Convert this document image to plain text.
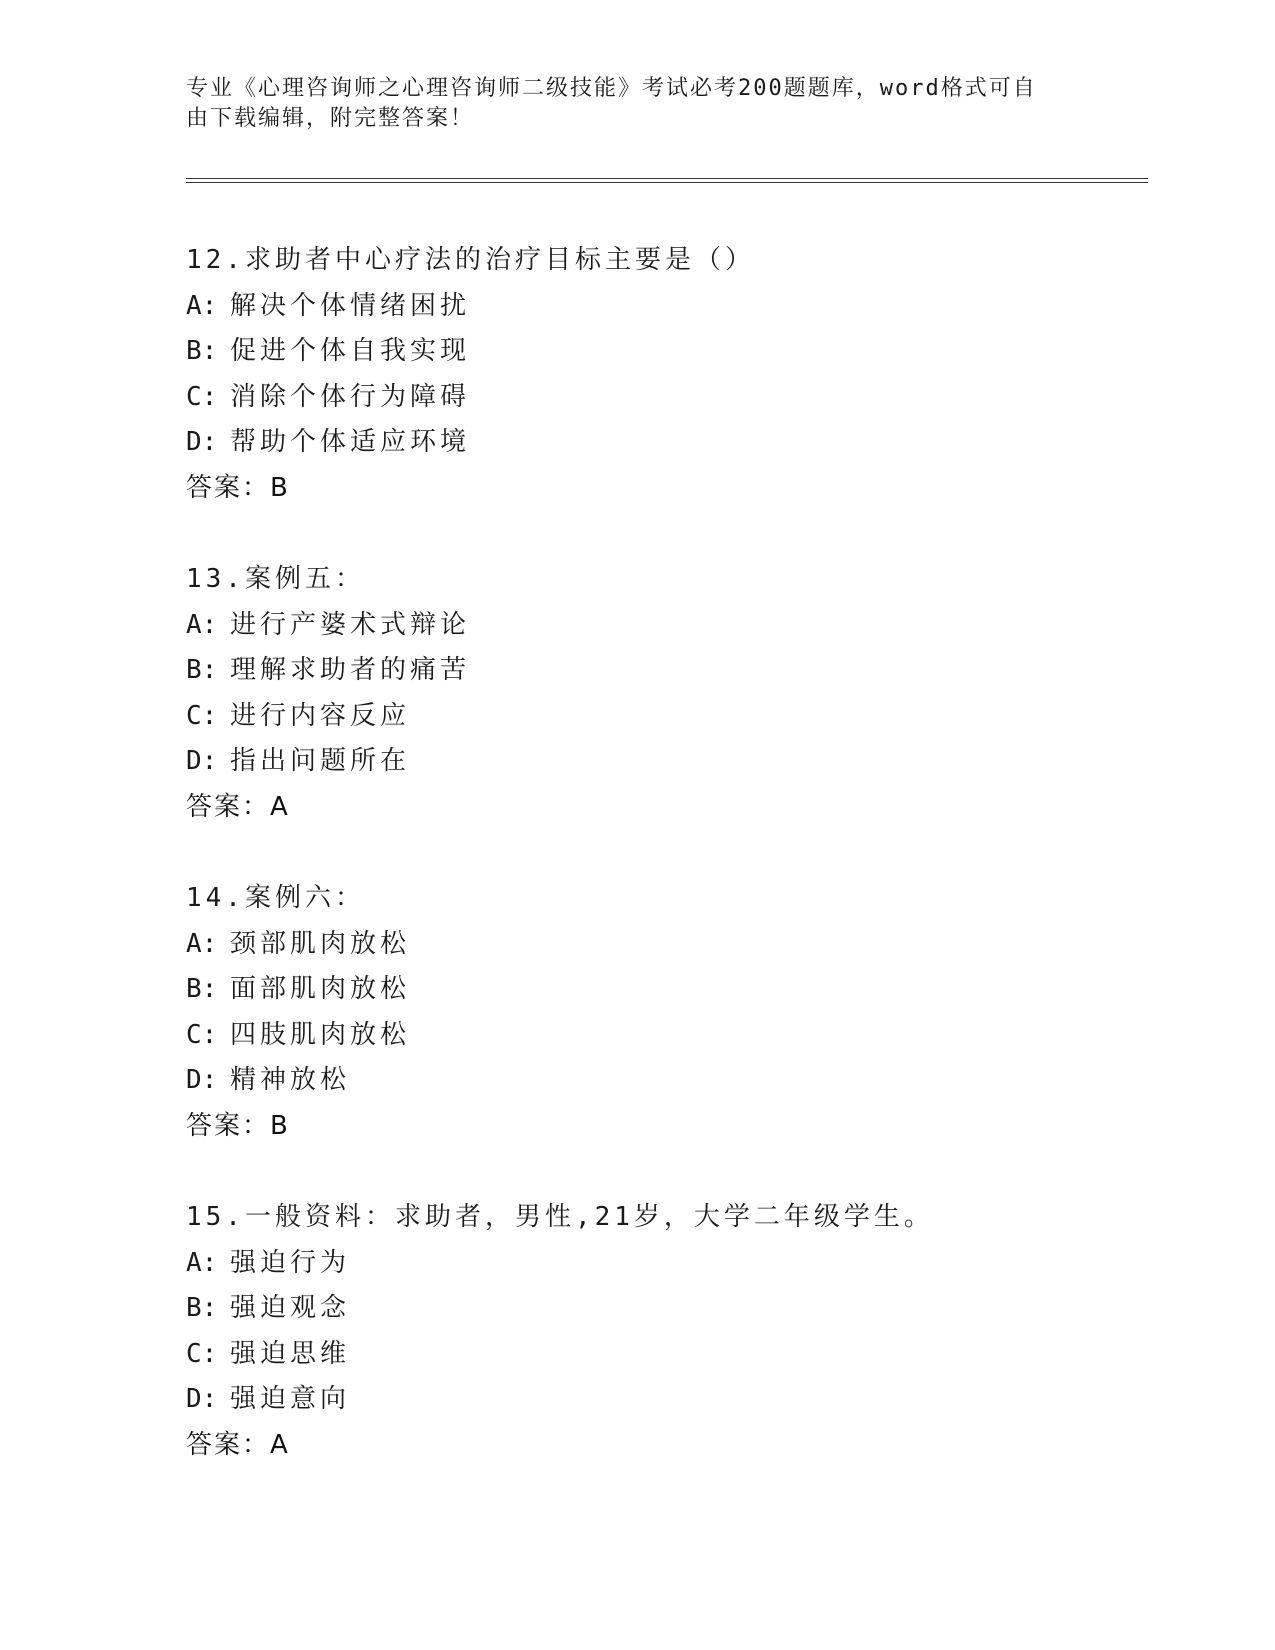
专业《心理咨询师之心理咨询师二级技能》考试必考200题题库，word格式可自

由下载编辑，附完整答案！

12.求助者中心疗法的治疗目标主要是（）
A: 解决个体情绪困扰
B: 促进个体自我实现
C: 消除个体行为障碍
D: 帮助个体适应环境
答案：B
13.案例五：
A: 进行产婆术式辩论
B: 理解求助者的痛苦
C: 进行内容反应
D: 指出问题所在
答案：A
14.案例六：
A: 颈部肌肉放松
B: 面部肌肉放松
C: 四肢肌肉放松
D: 精神放松
答案：B
15.一般资料：求助者，男性,21岁，大学二年级学生。
A: 强迫行为
B: 强迫观念
C: 强迫思维
D: 强迫意向
答案：A
